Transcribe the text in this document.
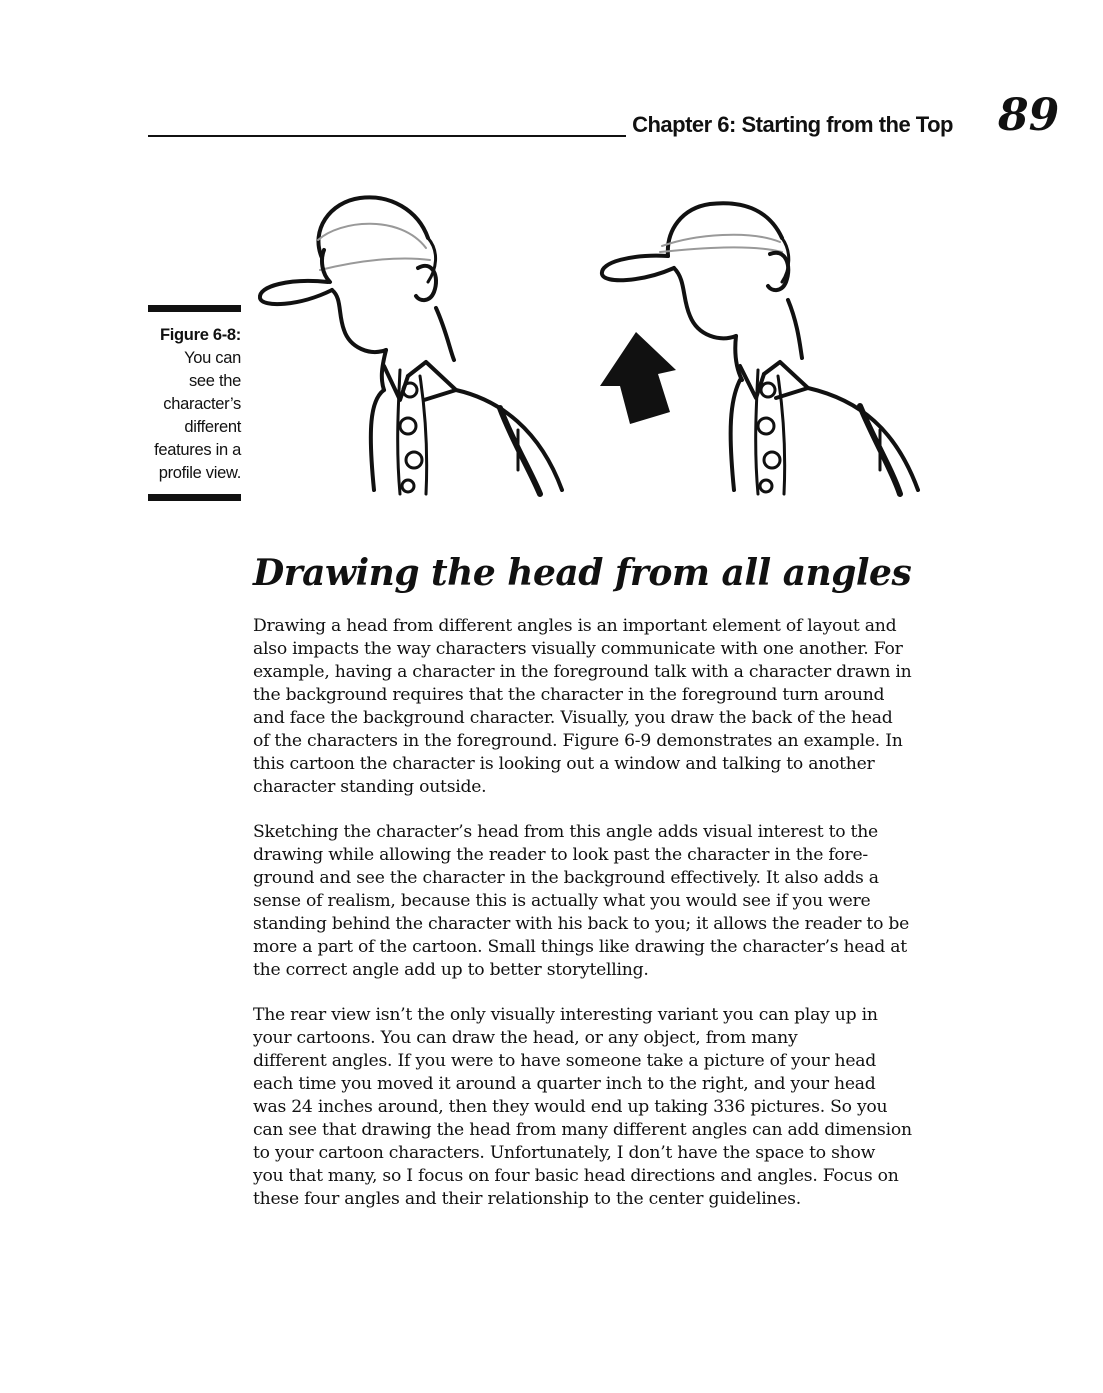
Chapter 6: Starting from the Top 89
Figure 6-8:
You can
see the
character’s
different
features in a
profile view.
Drawing the head from all angles

Drawing a head from different angles is an important element of layout and
also impacts the way characters visually communicate with one another. For
example, having a character in the foreground talk with a character drawn in
the background requires that the character in the foreground turn around
and face the background character. Visually, you draw the back of the head
of the characters in the foreground. Figure 6-9 demonstrates an example. In
this cartoon the character is looking out a window and talking to another
character standing outside.

Sketching the character’s head from this angle adds visual interest to the
drawing while allowing the reader to look past the character in the fore-
ground and see the character in the background effectively. It also adds a
sense of realism, because this is actually what you would see if you were
standing behind the character with his back to you; it allows the reader to be
more a part of the cartoon. Small things like drawing the character’s head at
the correct angle add up to better storytelling.

The rear view isn’t the only visually interesting variant you can play up in
your cartoons. You can draw the head, or any object, from many
different angles. If you were to have someone take a picture of your head
each time you moved it around a quarter inch to the right, and your head
was 24 inches around, then they would end up taking 336 pictures. So you
can see that drawing the head from many different angles can add dimension
to your cartoon characters. Unfortunately, I don’t have the space to show
you that many, so I focus on four basic head directions and angles. Focus on
these four angles and their relationship to the center guidelines.
